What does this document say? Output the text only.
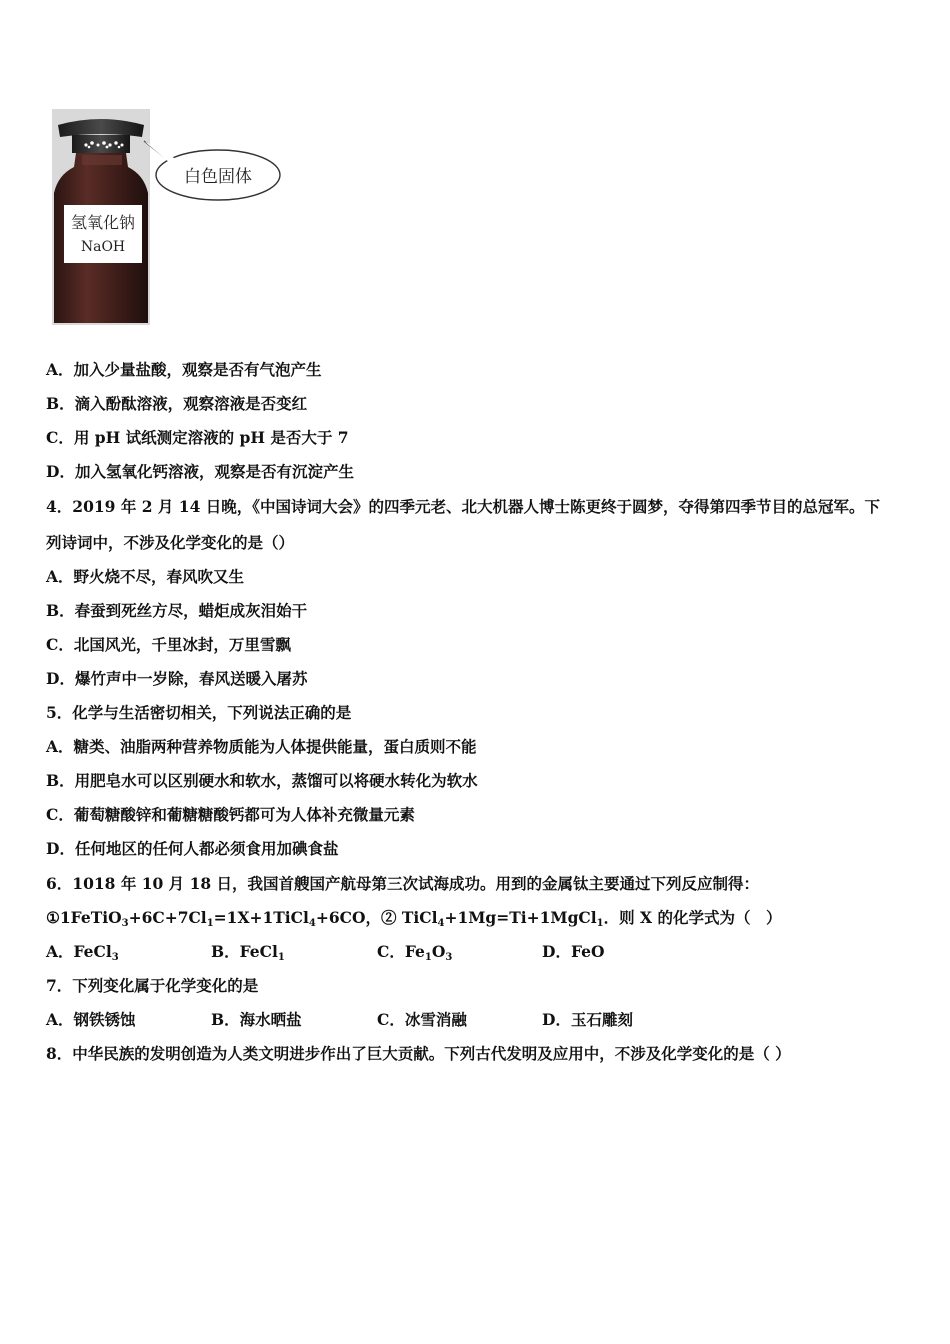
氢氧化钠
NaOH
白色固体
A．加入少量盐酸，观察是否有气泡产生
B．滴入酚酞溶液，观察溶液是否变红
C．用 pH 试纸测定溶液的 pH 是否大于 7
D．加入氢氧化钙溶液，观察是否有沉淀产生
4．2019 年 2 月 14 日晚，《中国诗词大会》的四季元老、北大机器人博士陈更终于圆梦，夺得第四季节目的总冠军。下
列诗词中，不涉及化学变化的是（）
A．野火烧不尽，春风吹又生
B．春蚕到死丝方尽，蜡炬成灰泪始干
C．北国风光，千里冰封，万里雪飘
D．爆竹声中一岁除，春风送暖入屠苏
5．化学与生活密切相关，下列说法正确的是
A．糖类、油脂两种营养物质能为人体提供能量，蛋白质则不能
B．用肥皂水可以区别硬水和软水，蒸馏可以将硬水转化为软水
C．葡萄糖酸锌和葡糖糖酸钙都可为人体补充微量元素
D．任何地区的任何人都必须食用加碘食盐
6．1018 年 10 月 18 日，我国首艘国产航母第三次试海成功。用到的金属钛主要通过下列反应制得：
$①1FeTiO_3+6C+7Cl_1=1X+1TiCl_4+6CO$，② TiCl$_4$+1Mg=Ti+1MgCl$_1$．则 X 的化学式为（　）
A．FeCl$_3$	B．FeCl$_1$	C．$Fe_1O_3$	D．FeO
7．下列变化属于化学变化的是
A．钢铁锈蚀	B．海水晒盐	C．冰雪消融	D．玉石雕刻
8．中华民族的发明创造为人类文明进步作出了巨大贡献。下列古代发明及应用中，不涉及化学变化的是（ ）
